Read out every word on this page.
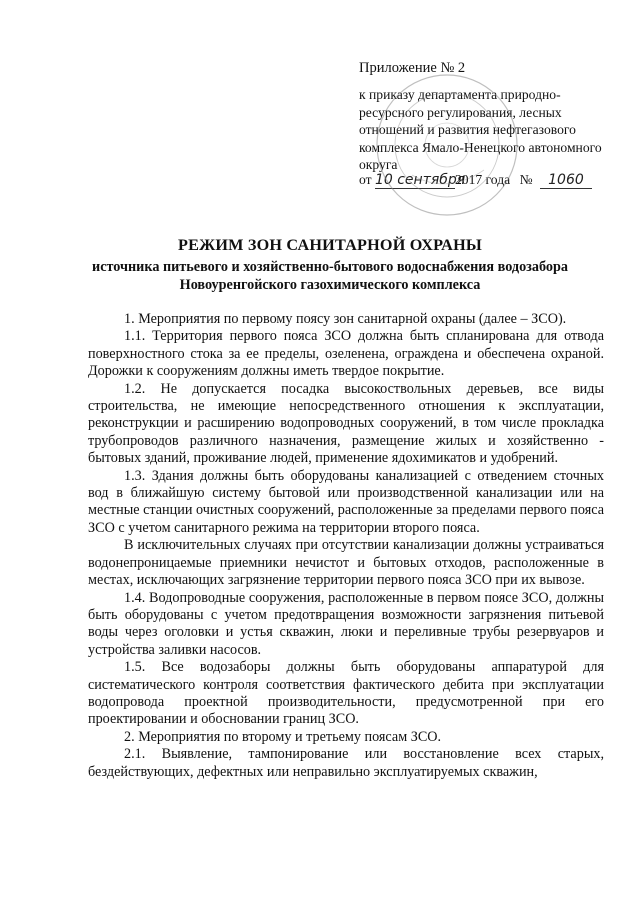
Приложение № 2
к приказу департамента природно-ресурсного регулирования, лесных отношений и развития нефтегазового комплекса Ямало-Ненецкого автономного округа
от 10 сентября2017 года № 1060
РЕЖИМ ЗОН САНИТАРНОЙ ОХРАНЫ
источника питьевого и хозяйственно-бытового водоснабжения водозабора Новоуренгойского газохимического комплекса

1. Мероприятия по первому поясу зон санитарной охраны (далее – ЗСО).

1.1. Территория первого пояса ЗСО должна быть спланирована для отвода поверхностного стока за ее пределы, озеленена, ограждена и обеспечена охраной. Дорожки к сооружениям должны иметь твердое покрытие.

1.2. Не допускается посадка высокоствольных деревьев, все виды строительства, не имеющие непосредственного отношения к эксплуатации, реконструкции и расширению водопроводных сооружений, в том числе прокладка трубопроводов различного назначения, размещение жилых и хозяйственно - бытовых зданий, проживание людей, применение ядохимикатов и удобрений.

1.3. Здания должны быть оборудованы канализацией с отведением сточных вод в ближайшую систему бытовой или производственной канализации или на местные станции очистных сооружений, расположенные за пределами первого пояса ЗСО с учетом санитарного режима на территории второго пояса.

В исключительных случаях при отсутствии канализации должны устраиваться водонепроницаемые приемники нечистот и бытовых отходов, расположенные в местах, исключающих загрязнение территории первого пояса ЗСО при их вывозе.

1.4. Водопроводные сооружения, расположенные в первом поясе ЗСО, должны быть оборудованы с учетом предотвращения возможности загрязнения питьевой воды через оголовки и устья скважин, люки и переливные трубы резервуаров и устройства заливки насосов.

1.5. Все водозаборы должны быть оборудованы аппаратурой для систематического контроля соответствия фактического дебита при эксплуатации водопровода проектной производительности, предусмотренной при его проектировании и обосновании границ ЗСО.

2. Мероприятия по второму и третьему поясам ЗСО.

2.1. Выявление, тампонирование или восстановление всех старых, бездействующих, дефектных или неправильно эксплуатируемых скважин,
